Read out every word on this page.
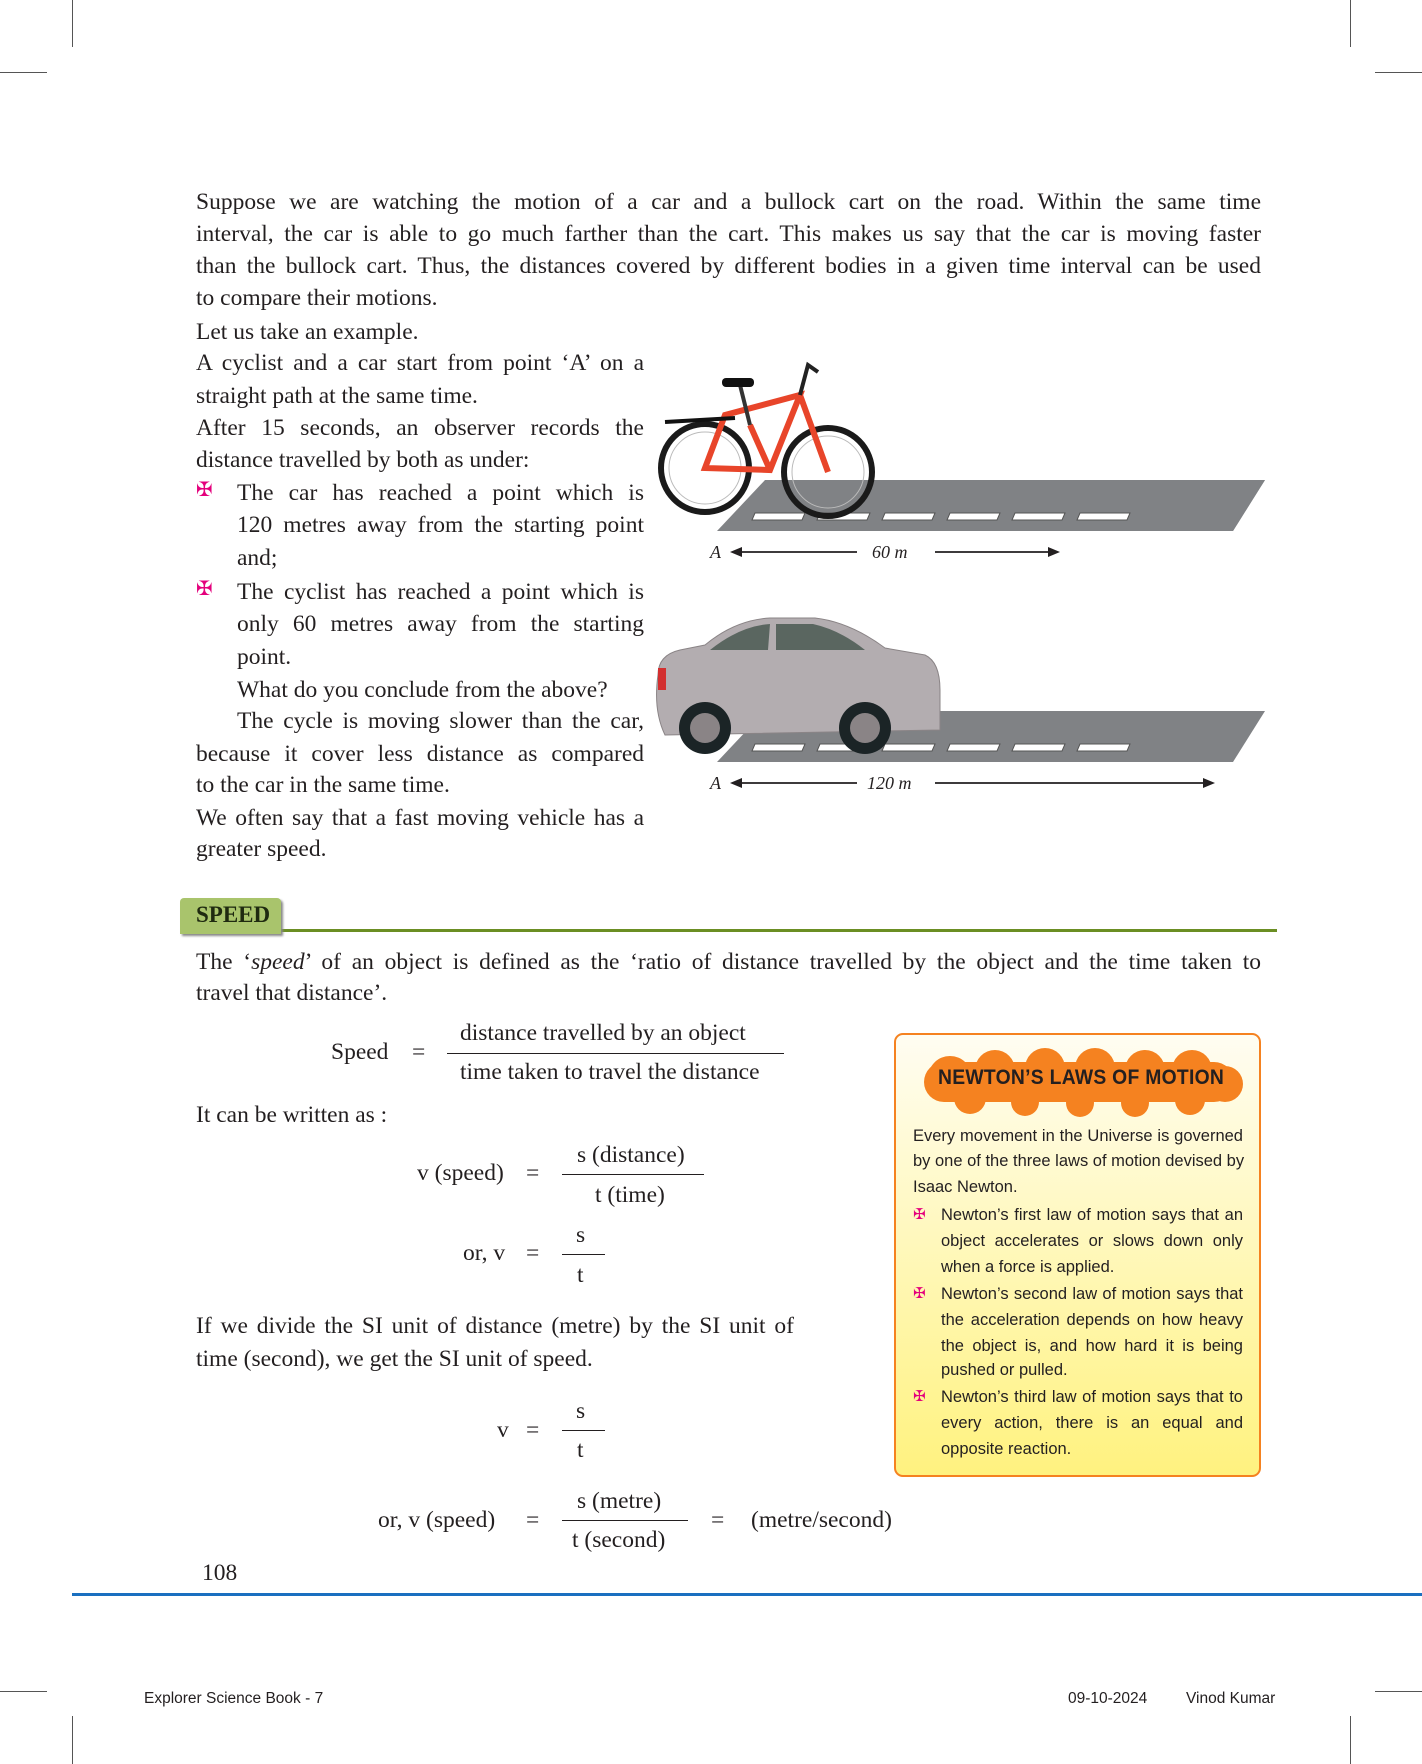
Suppose we are watching the motion of a car and a bullock cart on the road. Within the same time
interval, the car is able to go much farther than the cart. This makes us say that the car is moving faster
than the bullock cart. Thus, the distances covered by different bodies in a given time interval can be used
to compare their motions.
Let us take an example.
A cyclist and a car start from point ‘A’ on a
straight path at the same time.
After 15 seconds, an observer records the
distance travelled by both as under:
✠ The car has reached a point which is
120 metres away from the starting point
and;
✠ The cyclist has reached a point which is
only 60 metres away from the starting
point.
What do you conclude from the above?
The cycle is moving slower than the car,
because it cover less distance as compared
to the car in the same time.
We often say that a fast moving vehicle has a
greater speed.
A	60 m
A	120 m
SPEED
The ‘speed’ of an object is defined as the ‘ratio of distance travelled by the object and the time taken to
travel that distance’.
Speed =
distance travelled by an object
time taken to travel the distance
It can be written as :
v (speed) =
s (distance)
t (time)
or, v =
s
t
If we divide the SI unit of distance (metre) by the SI unit of
time (second), we get the SI unit of speed.
v =
s
t
or, v (speed) =
s (metre)
t (second)
= (metre/second)
NEWTON’S LAWS OF MOTION
Every movement in the Universe is governed
by one of the three laws of motion devised by
Isaac Newton.
✠ Newton’s first law of motion says that an
object accelerates or slows down only
when a force is applied.
✠ Newton’s second law of motion says that
the acceleration depends on how heavy
the object is, and how hard it is being
pushed or pulled.
✠ Newton’s third law of motion says that to
every action, there is an equal and
opposite reaction.
108
Explorer Science Book - 7	09-10-2024 Vinod Kumar
